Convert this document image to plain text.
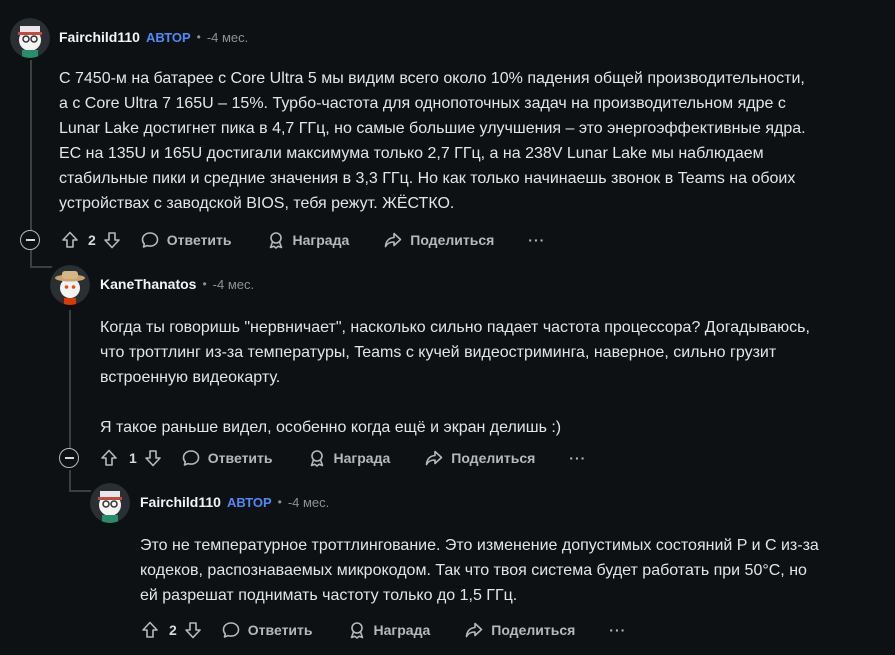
Fairchild110 АВТОР • -4 мес.
С 7450-м на батарее с Core Ultra 5 мы видим всего около 10% падения общей производительности,
а с Core Ultra 7 165U – 15%. Турбо-частота для однопоточных задач на производительном ядре с
Lunar Lake достигнет пика в 4,7 ГГц, но самые большие улучшения – это энергоэффективные ядра.
ЕС на 135U и 165U достигали максимума только 2,7 ГГц, а на 238V Lunar Lake мы наблюдаем
стабильные пики и средние значения в 3,3 ГГц. Но как только начинаешь звонок в Teams на обоих
устройствах с заводской BIOS, тебя режут. ЖЁСТКО.
2	Ответить	Награда	Поделиться ···
KaneThanatos • -4 мес.
Когда ты говоришь "нервничает", насколько сильно падает частота процессора? Догадываюсь,
что троттлинг из-за температуры, Teams с кучей видеостриминга, наверное, сильно грузит
встроенную видеокарту.

Я такое раньше видел, особенно когда ещё и экран делишь :)
1	Ответить	Награда	Поделиться ···
Fairchild110 АВТОР • -4 мес.
Это не температурное троттлингование. Это изменение допустимых состояний P и C из-за
кодеков, распознаваемых микрокодом. Так что твоя система будет работать при 50°C, но
ей разрешат поднимать частоту только до 1,5 ГГц.
2	Ответить	Награда	Поделиться ···
